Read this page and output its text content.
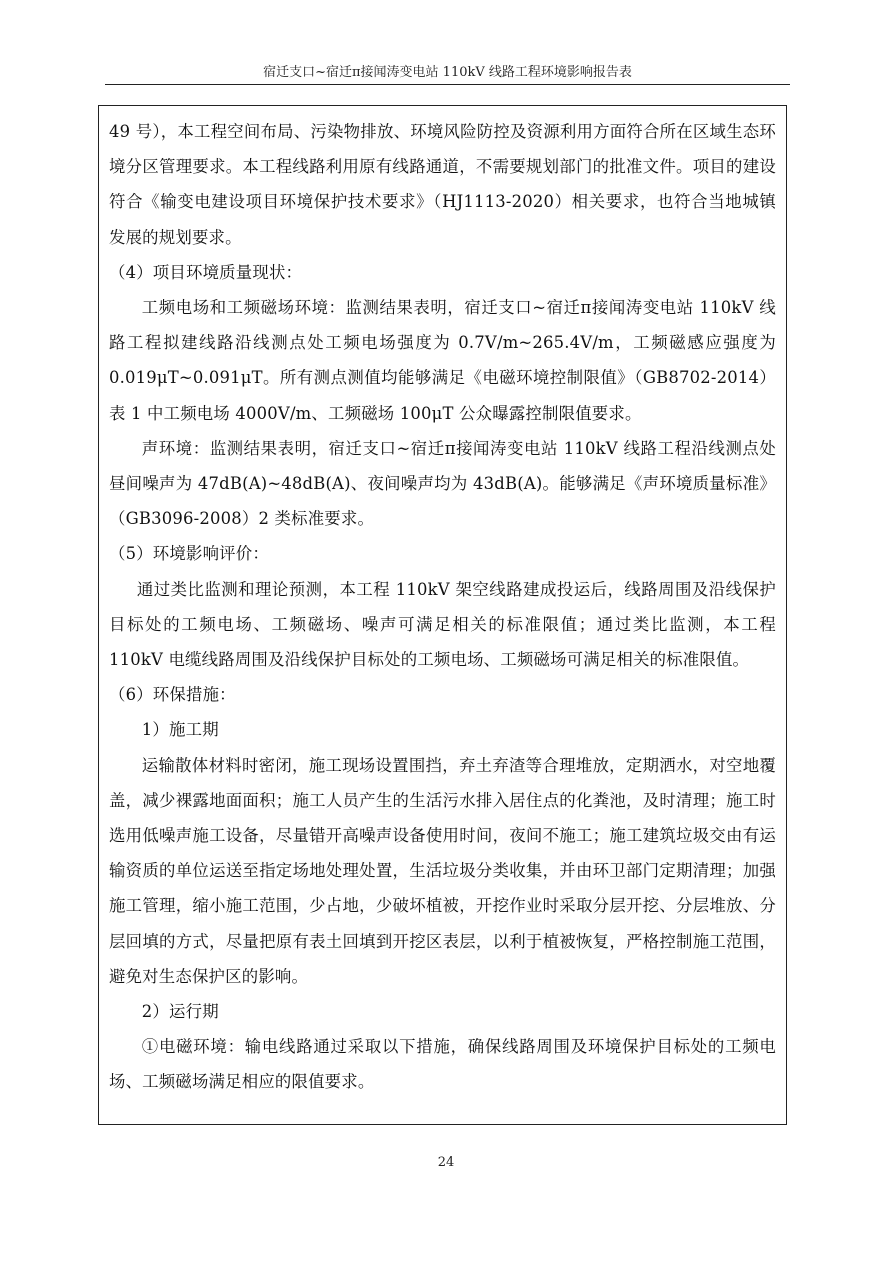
宿迁支口~宿迁π接闻涛变电站 110kV 线路工程环境影响报告表

49 号），本工程空间布局、污染物排放、环境风险防控及资源利用方面符合所在区域生态环境分区管理要求。本工程线路利用原有线路通道，不需要规划部门的批准文件。项目的建设符合《输变电建设项目环境保护技术要求》（HJ1113-2020）相关要求，也符合当地城镇发展的规划要求。

（4）项目环境质量现状：

工频电场和工频磁场环境：监测结果表明，宿迁支口~宿迁π接闻涛变电站 110kV 线路工程拟建线路沿线测点处工频电场强度为 0.7V/m~265.4V/m，工频磁感应强度为 0.019μT~0.091μT。所有测点测值均能够满足《电磁环境控制限值》（GB8702-2014）表 1 中工频电场 4000V/m、工频磁场 100μT 公众曝露控制限值要求。

声环境：监测结果表明，宿迁支口~宿迁π接闻涛变电站 110kV 线路工程沿线测点处昼间噪声为 47dB(A)~48dB(A)、夜间噪声均为 43dB(A)。能够满足《声环境质量标准》（GB3096-2008）2 类标准要求。

（5）环境影响评价：

通过类比监测和理论预测，本工程 110kV 架空线路建成投运后，线路周围及沿线保护目标处的工频电场、工频磁场、噪声可满足相关的标准限值；通过类比监测，本工程 110kV 电缆线路周围及沿线保护目标处的工频电场、工频磁场可满足相关的标准限值。

（6）环保措施：

1）施工期

运输散体材料时密闭，施工现场设置围挡，弃土弃渣等合理堆放，定期洒水，对空地覆盖，减少裸露地面面积；施工人员产生的生活污水排入居住点的化粪池，及时清理；施工时选用低噪声施工设备，尽量错开高噪声设备使用时间，夜间不施工；施工建筑垃圾交由有运输资质的单位运送至指定场地处理处置，生活垃圾分类收集，并由环卫部门定期清理；加强施工管理，缩小施工范围，少占地，少破坏植被，开挖作业时采取分层开挖、分层堆放、分层回填的方式，尽量把原有表土回填到开挖区表层，以利于植被恢复，严格控制施工范围，避免对生态保护区的影响。

2）运行期

①电磁环境：输电线路通过采取以下措施，确保线路周围及环境保护目标处的工频电场、工频磁场满足相应的限值要求。

24
